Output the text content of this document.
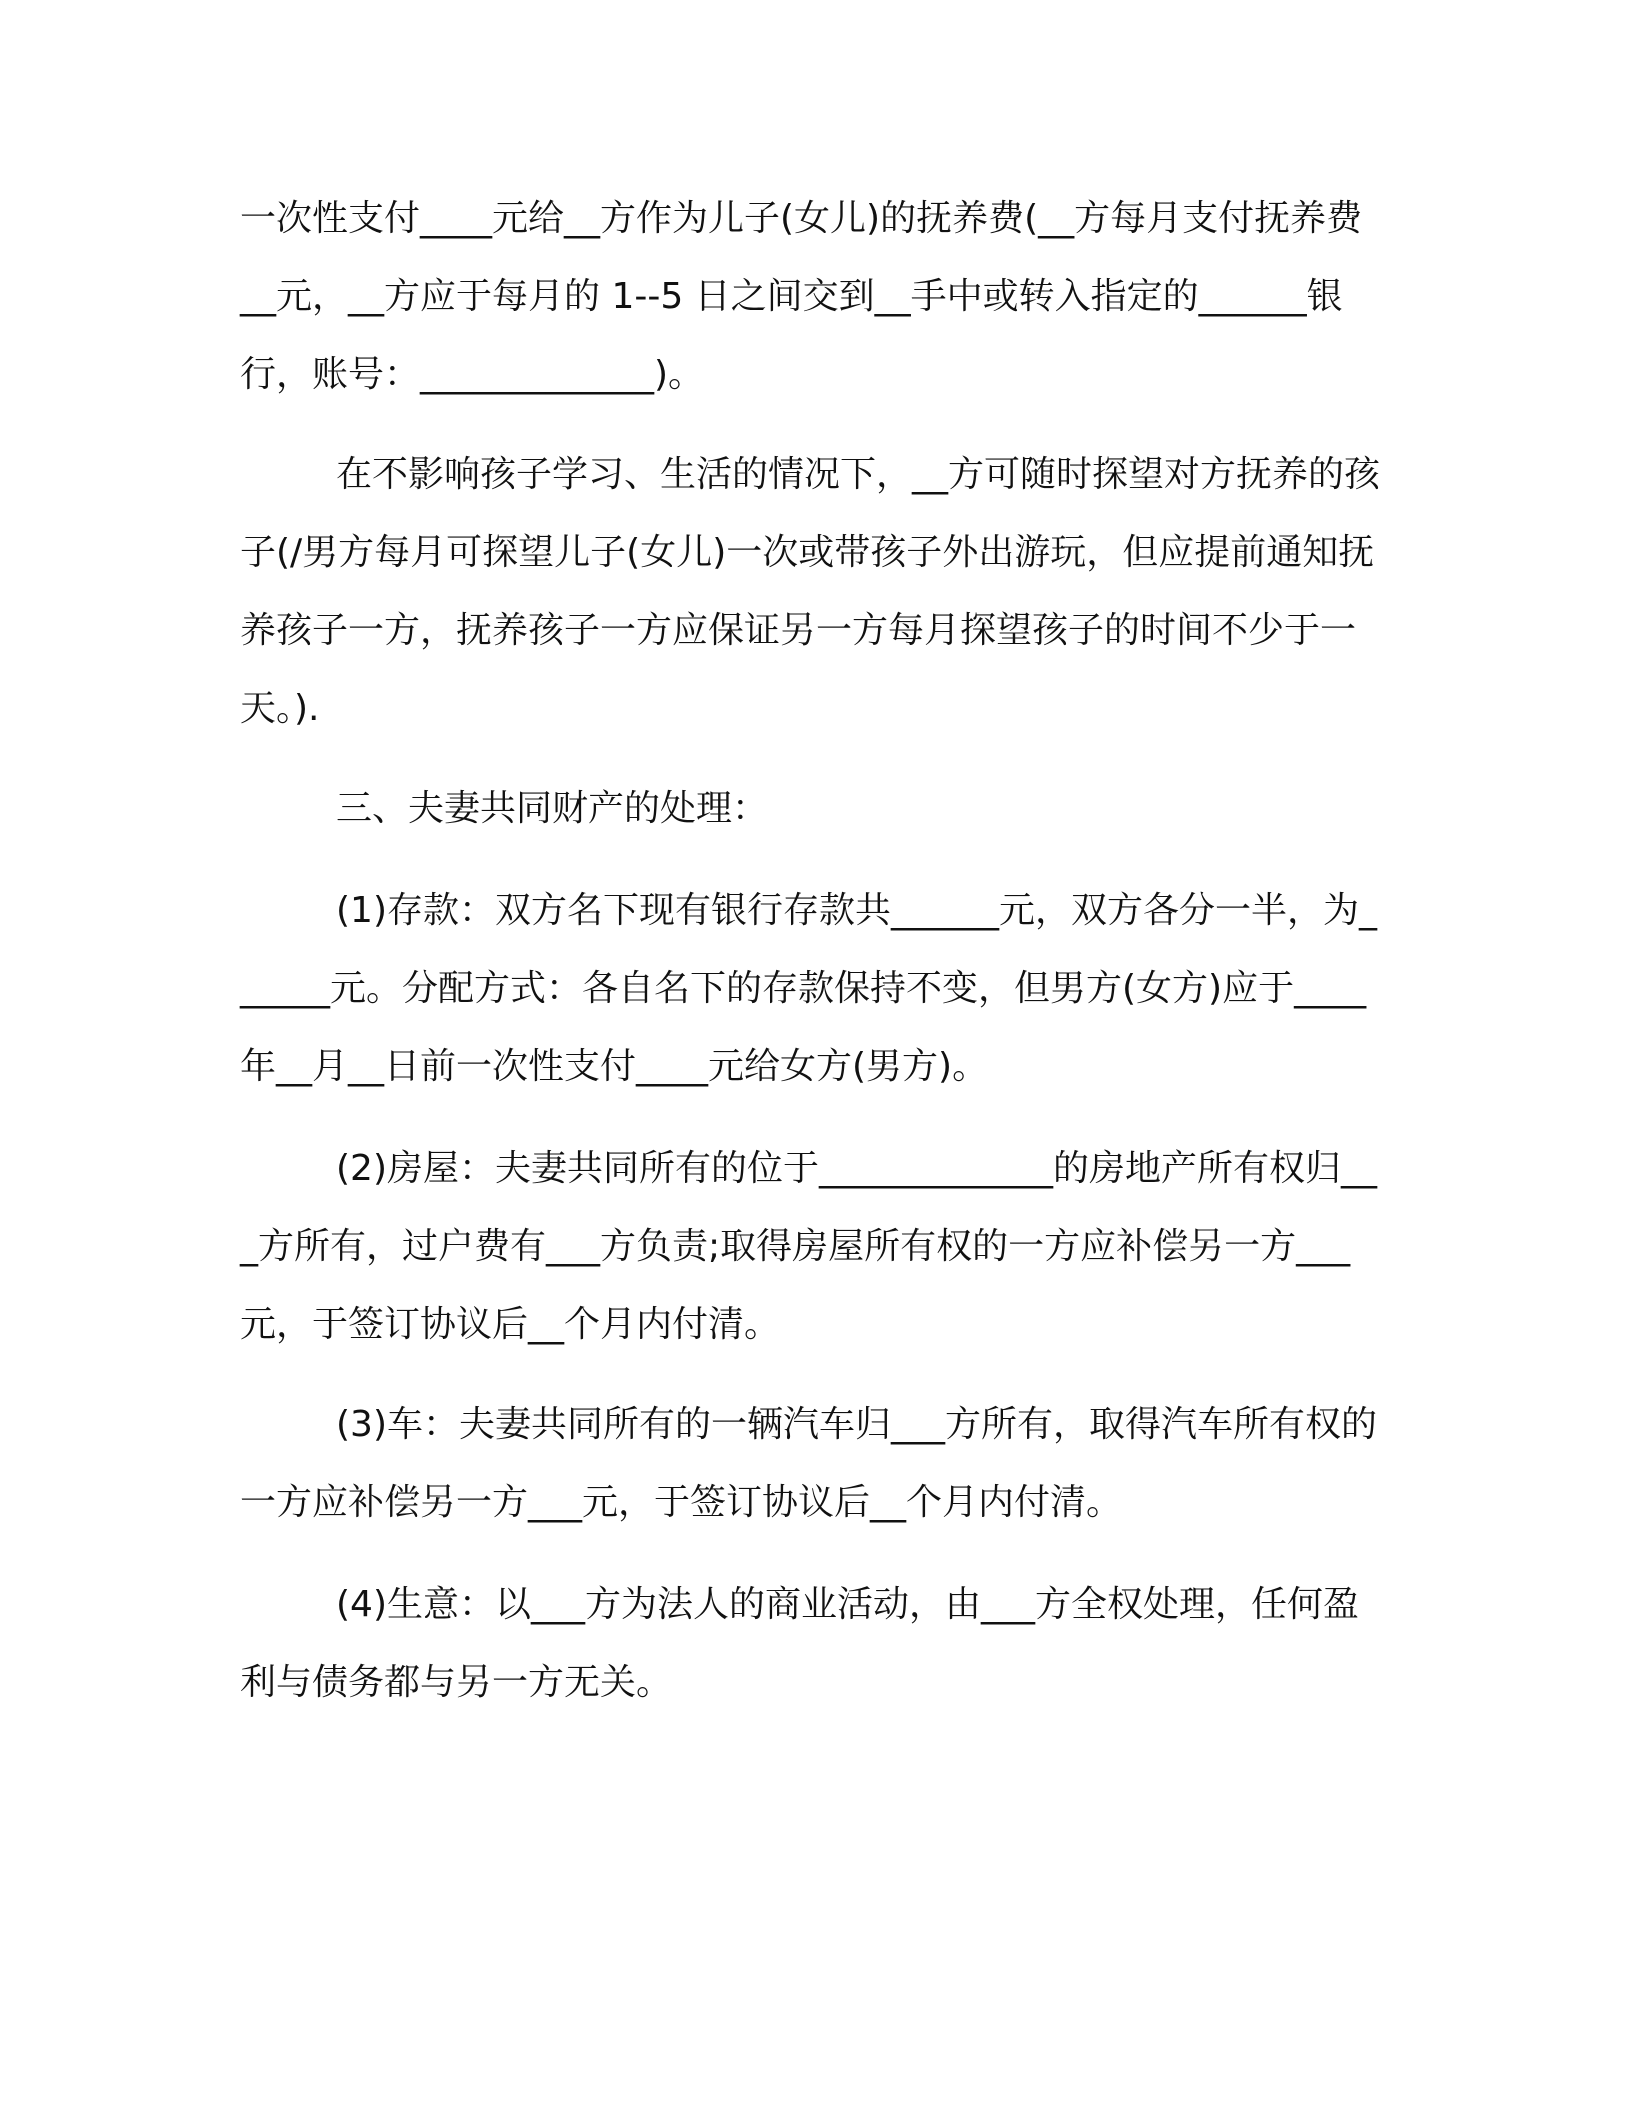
一次性支付____元给__方作为儿子(女儿)的抚养费(__方每月支付抚养费__元，__方应于每月的 1--5 日之间交到__手中或转入指定的______银行，账号：_____________)。
在不影响孩子学习、生活的情况下，__方可随时探望对方抚养的孩子(/男方每月可探望儿子(女儿)一次或带孩子外出游玩，但应提前通知抚养孩子一方，抚养孩子一方应保证另一方每月探望孩子的时间不少于一天。).
三、夫妻共同财产的处理：
(1)存款：双方名下现有银行存款共______元，双方各分一半，为______元。分配方式：各自名下的存款保持不变，但男方(女方)应于____年__月__日前一次性支付____元给女方(男方)。
(2)房屋：夫妻共同所有的位于_____________的房地产所有权归___方所有，过户费有___方负责;取得房屋所有权的一方应补偿另一方___元，于签订协议后__个月内付清。
(3)车：夫妻共同所有的一辆汽车归___方所有，取得汽车所有权的一方应补偿另一方___元，于签订协议后__个月内付清。
(4)生意：以___方为法人的商业活动，由___方全权处理，任何盈利与债务都与另一方无关。
